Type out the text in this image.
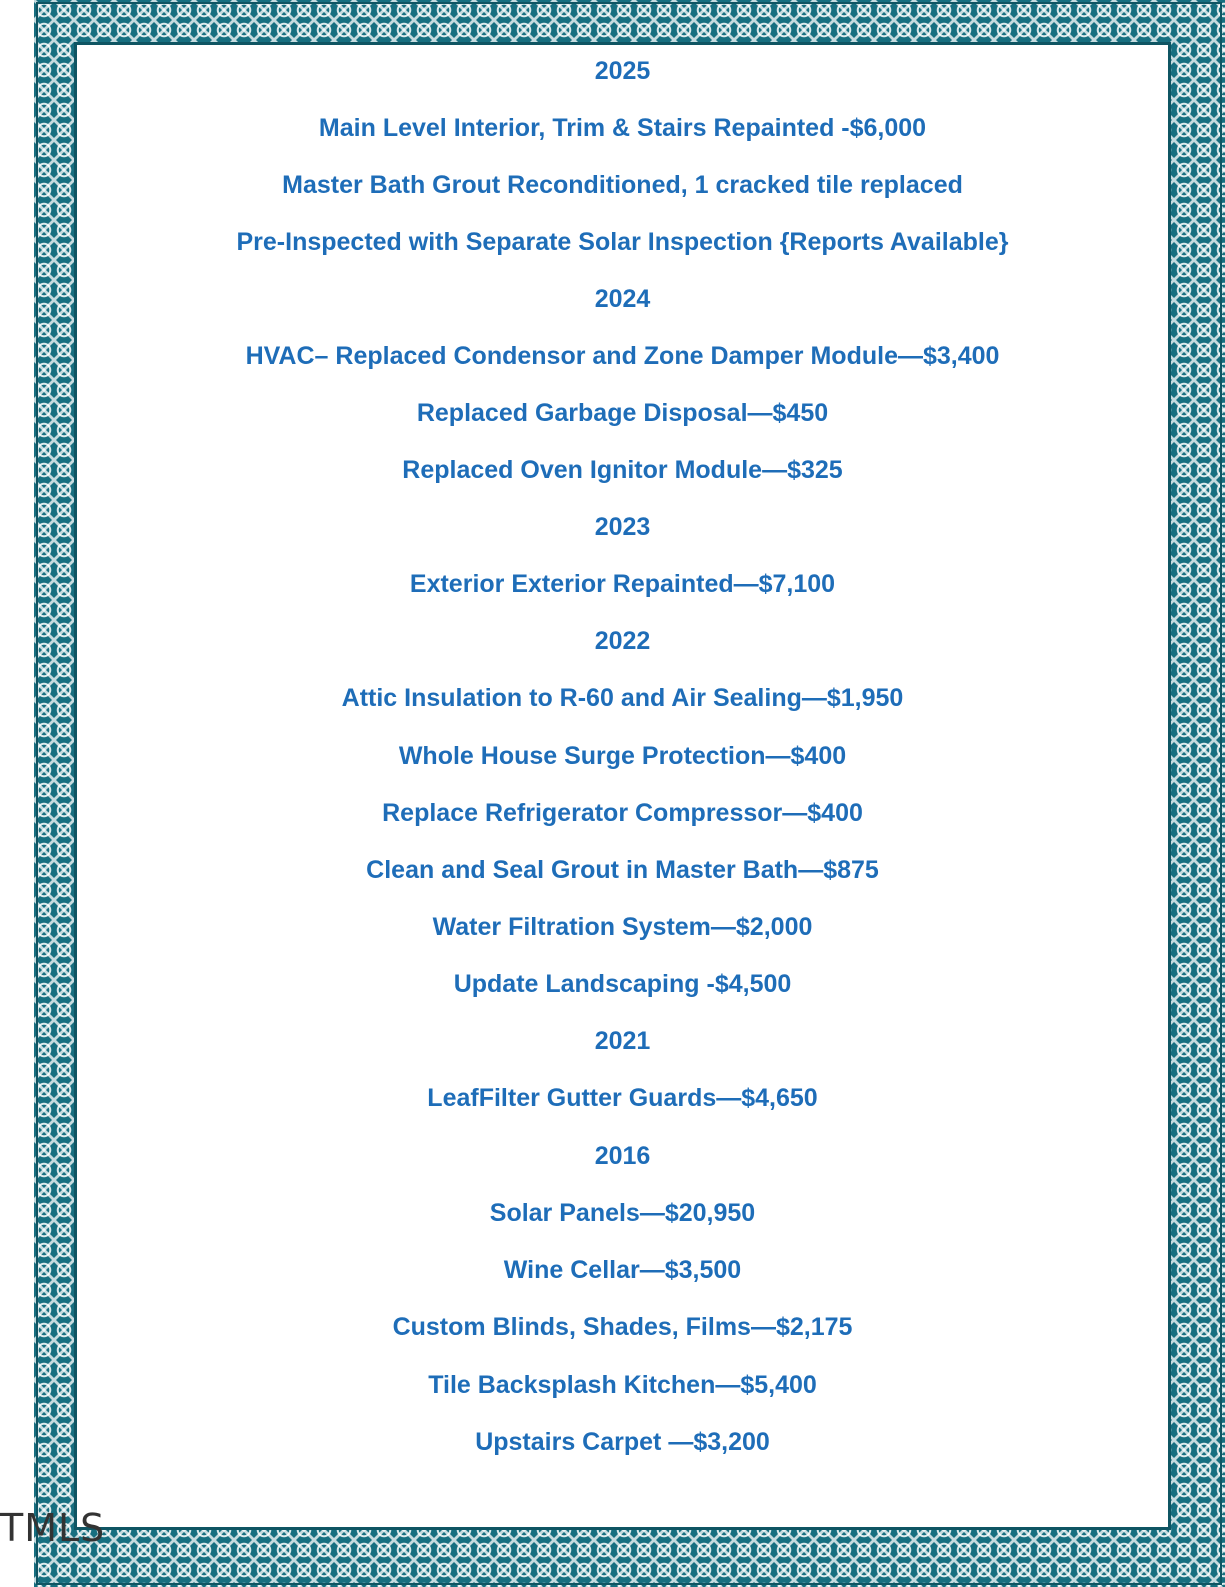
2025
Main Level Interior, Trim & Stairs Repainted -$6,000
Master Bath Grout Reconditioned, 1 cracked tile replaced
Pre-Inspected with Separate Solar Inspection {Reports Available}
2024
HVAC– Replaced Condensor and Zone Damper Module—$3,400
Replaced Garbage Disposal—$450
Replaced Oven Ignitor Module—$325
2023
Exterior Exterior Repainted—$7,100
2022
Attic Insulation to R-60 and Air Sealing—$1,950
Whole House Surge Protection—$400
Replace Refrigerator Compressor—$400
Clean and Seal Grout in Master Bath—$875
Water Filtration System—$2,000
Update Landscaping -$4,500
2021
LeafFilter Gutter Guards—$4,650
2016
Solar Panels—$20,950
Wine Cellar—$3,500
Custom Blinds, Shades, Films—$2,175
Tile Backsplash Kitchen—$5,400
Upstairs Carpet —$3,200
TMLS
